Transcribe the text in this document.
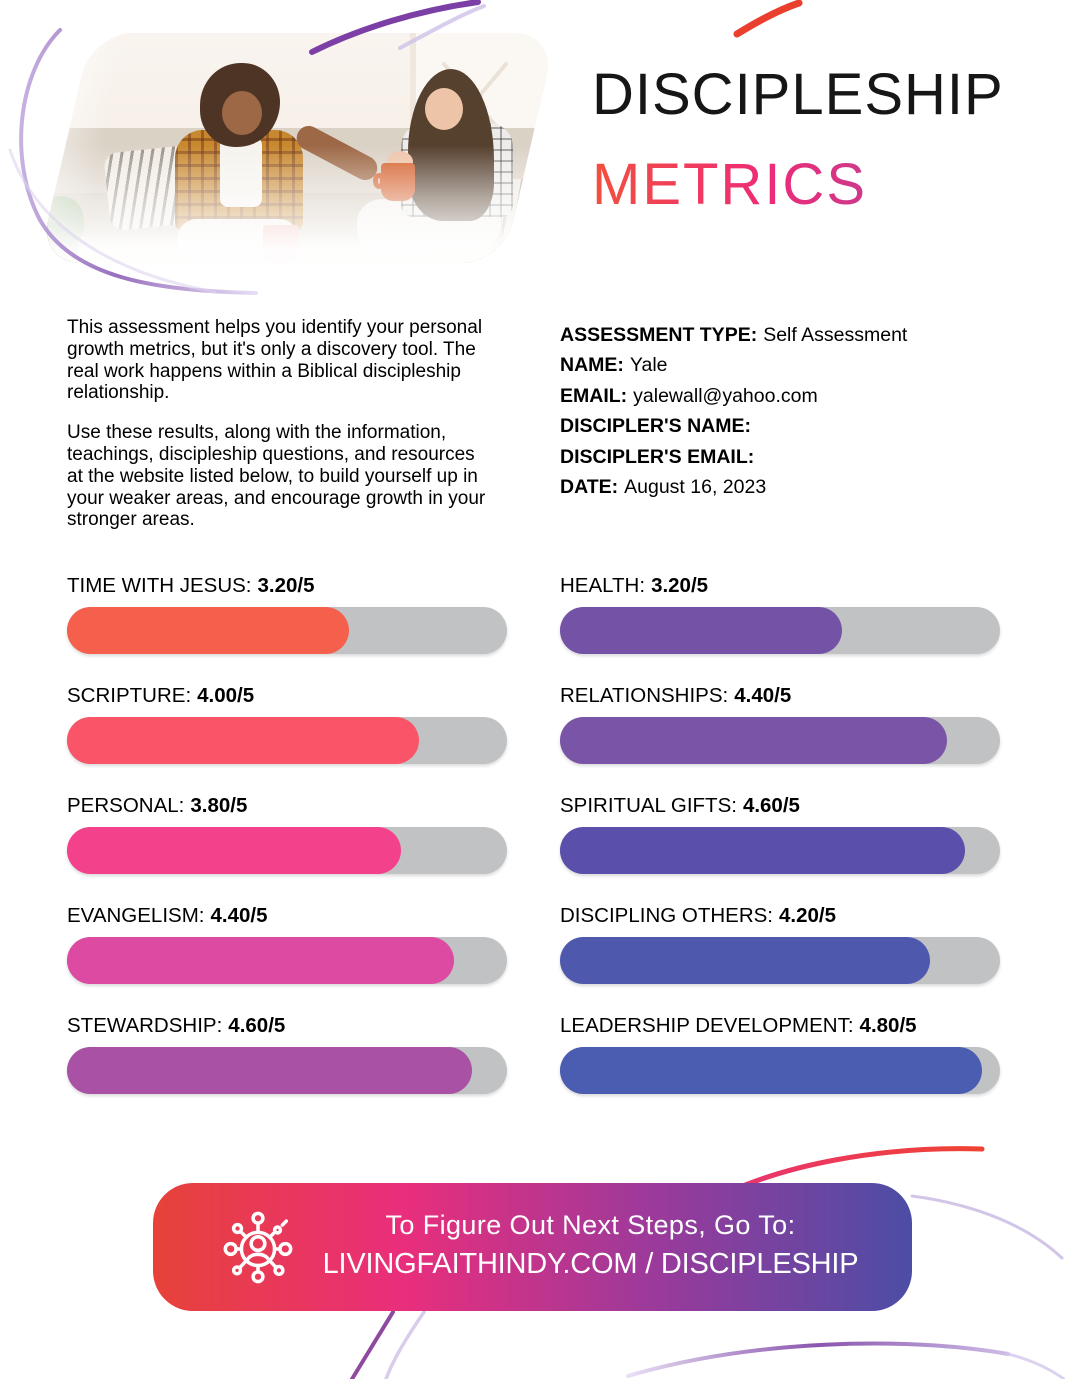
DISCIPLESHIP
METRICS

This assessment helps you identify your personal growth metrics, but it's only a discovery tool. The real work happens within a Biblical discipleship relationship.

Use these results, along with the information, teachings, discipleship questions, and resources at the website listed below, to build yourself up in your weaker areas, and encourage growth in your stronger areas.

ASSESSMENT TYPE: Self Assessment
NAME: Yale
EMAIL: yalewall@yahoo.com
DISCIPLER'S NAME:
DISCIPLER'S EMAIL:
DATE: August 16, 2023
TIME WITH JESUS: 3.20/5
SCRIPTURE: 4.00/5
PERSONAL: 3.80/5
EVANGELISM: 4.40/5
STEWARDSHIP: 4.60/5
HEALTH: 3.20/5
RELATIONSHIPS: 4.40/5
SPIRITUAL GIFTS: 4.60/5
DISCIPLING OTHERS: 4.20/5
LEADERSHIP DEVELOPMENT: 4.80/5
To Figure Out Next Steps, Go To:
LIVINGFAITHINDY.COM / DISCIPLESHIP
